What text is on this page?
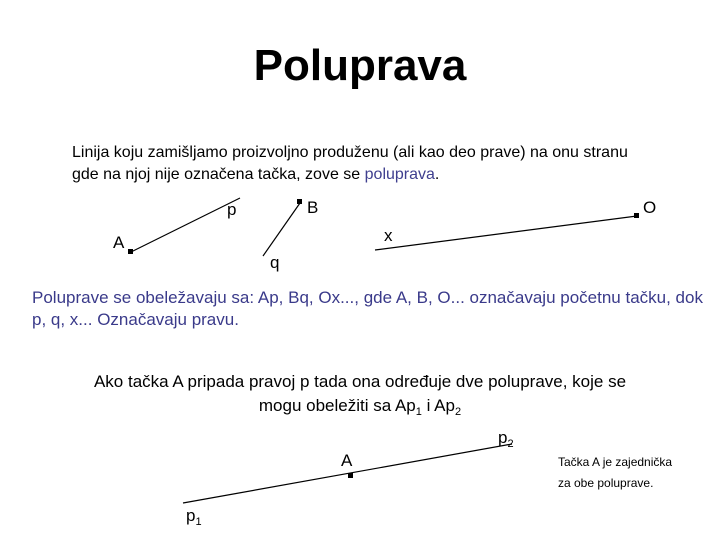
Poluprava
Linija koju zamišljamo proizvoljno produženu (ali kao deo prave) na onu stranu gde na njoj nije označena tačka, zove se poluprava.
p	B	O
A	x
q
Poluprave se obeležavaju sa: Ap, Bq, Ox..., gde A, B, O... označavaju početnu tačku, dok p, q, x... Označavaju pravu.
Ako tačka A pripada pravoj p tada ona određuje dve poluprave, koje se
mogu obeležiti sa $Ap_1$ i $Ap_2$
$p_2$
A
$p_1$
Tačka A je zajednička
za obe poluprave.
